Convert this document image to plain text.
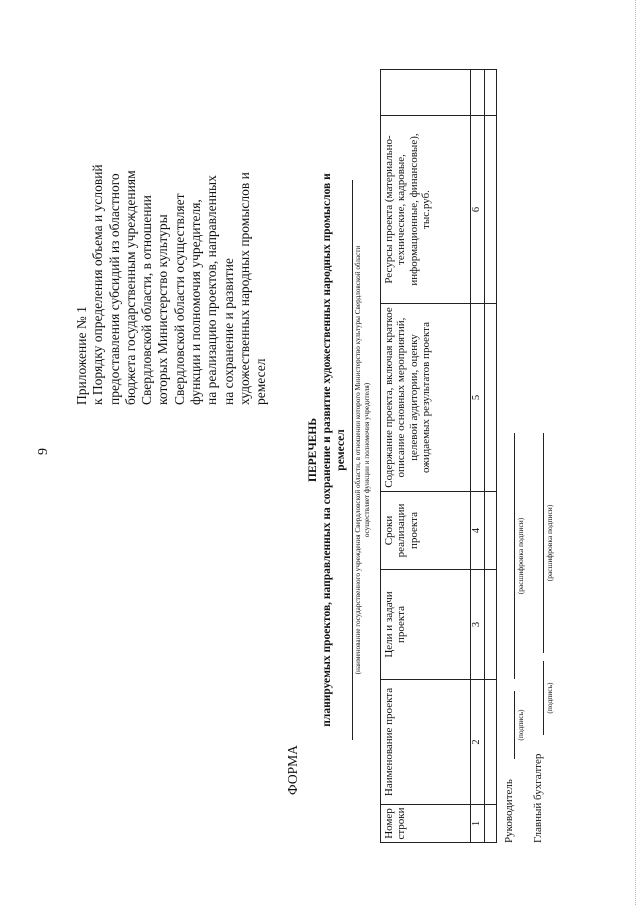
9
Приложение № 1 к Порядку определения объема и условий предоставления субсидий из областного бюджета государственным учреждениям Свердловской области, в отношении которых Министерство культуры Свердловской области осуществляет функции и полномочия учредителя, на реализацию проектов, направленных на сохранение и развитие художественных народных промыслов и ремесел
ФОРМА
ПЕРЕЧЕНЬ планируемых проектов, направленных на сохранение и развитие художественных народных промыслов и ремесел (наименование государственного учреждения Свердловской области, в отношении которого Министерство культуры Свердловской области осуществляет функции и полномочия учредителя)
Номер строки	Наименование проекта	Цели и задачи проекта	Сроки реализации проекта	Содержание проекта, включая краткое описание основных мероприятий, целевой аудитории, оценку ожидаемых результатов проекта	Ресурсы проекта (материально-технические, кадровые, информационные, финансовые), тыс.руб.	
1	2	3	4	5	6	

Руководитель
(подпись)
(расшифровка подписи)
Главный бухгалтер
(подпись)
(расшифровка подписи)
